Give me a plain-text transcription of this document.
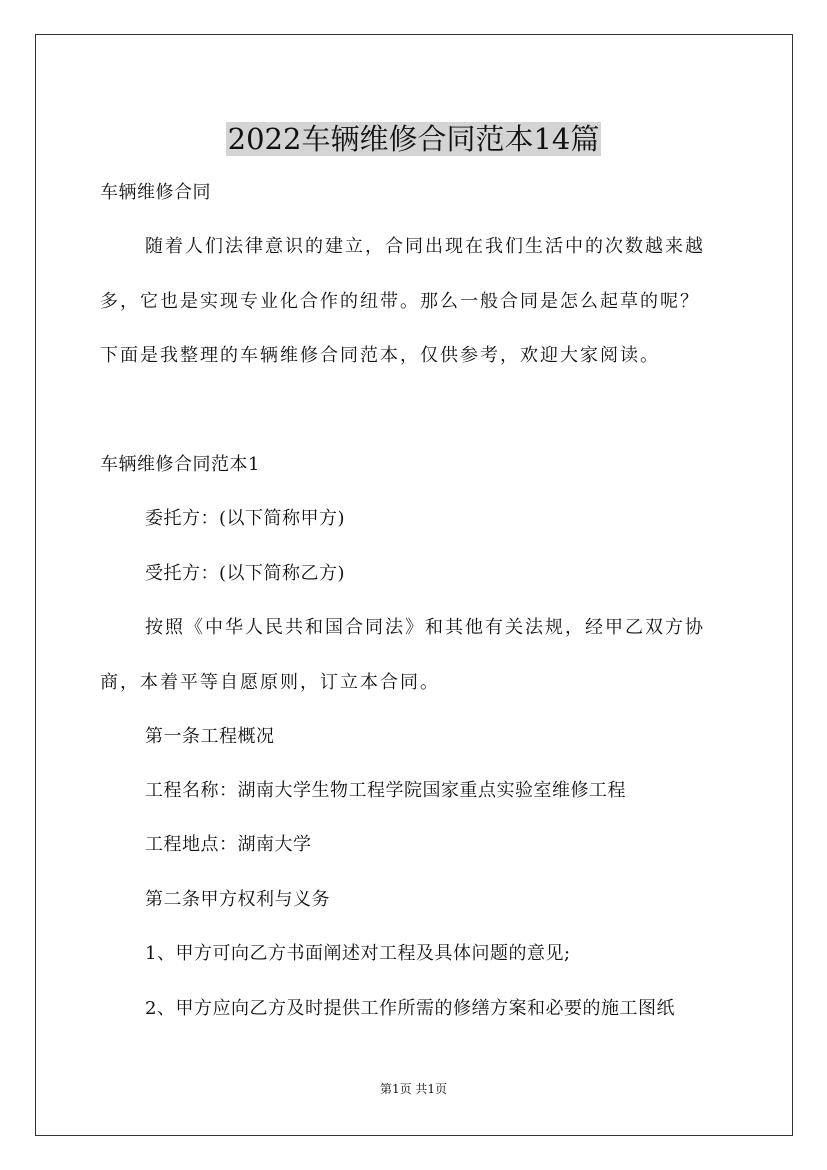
2022车辆维修合同范本14篇
车辆维修合同
随着人们法律意识的建立，合同出现在我们生活中的次数越来越
多，它也是实现专业化合作的纽带。那么一般合同是怎么起草的呢？
下面是我整理的车辆维修合同范本，仅供参考，欢迎大家阅读。
车辆维修合同范本1
委托方：(以下简称甲方)
受托方：(以下简称乙方)
按照《中华人民共和国合同法》和其他有关法规，经甲乙双方协
商，本着平等自愿原则，订立本合同。
第一条工程概况
工程名称：湖南大学生物工程学院国家重点实验室维修工程
工程地点：湖南大学
第二条甲方权利与义务
1、甲方可向乙方书面阐述对工程及具体问题的意见;
2、甲方应向乙方及时提供工作所需的修缮方案和必要的施工图纸
第1页 共1页
